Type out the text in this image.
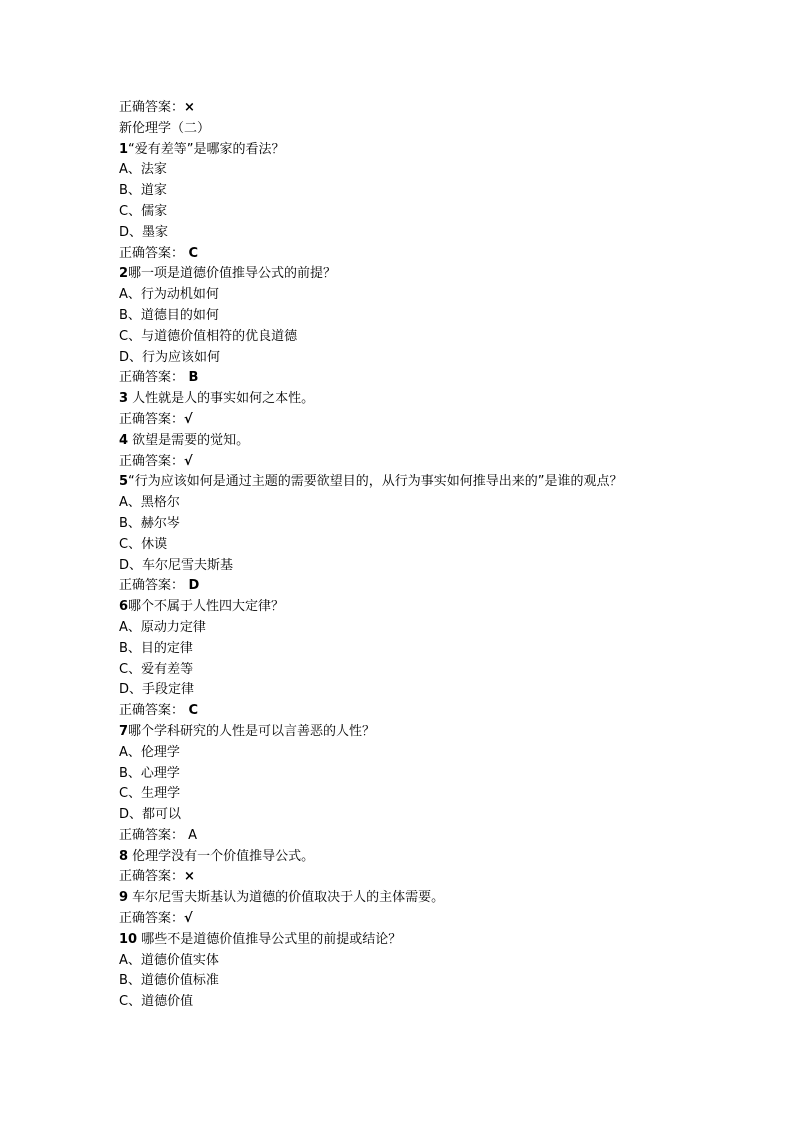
正确答案：×
新伦理学（二）
1“爱有差等”是哪家的看法？
A、法家
B、道家
C、儒家
D、墨家
正确答案： C
2哪一项是道德价值推导公式的前提？
A、行为动机如何
B、道德目的如何
C、与道德价值相符的优良道德
D、行为应该如何
正确答案： B
3 人性就是人的事实如何之本性。
正确答案：√
4 欲望是需要的觉知。
正确答案：√
5“行为应该如何是通过主题的需要欲望目的，从行为事实如何推导出来的”是谁的观点？
A、黑格尔
B、赫尔岑
C、休谟
D、车尔尼雪夫斯基
正确答案： D
6哪个不属于人性四大定律？
A、原动力定律
B、目的定律
C、爱有差等
D、手段定律
正确答案： C
7哪个学科研究的人性是可以言善恶的人性？
A、伦理学
B、心理学
C、生理学
D、都可以
正确答案： A
8 伦理学没有一个价值推导公式。
正确答案：×
9 车尔尼雪夫斯基认为道德的价值取决于人的主体需要。
正确答案：√
10 哪些不是道德价值推导公式里的前提或结论？
A、道德价值实体
B、道德价值标准
C、道德价值
